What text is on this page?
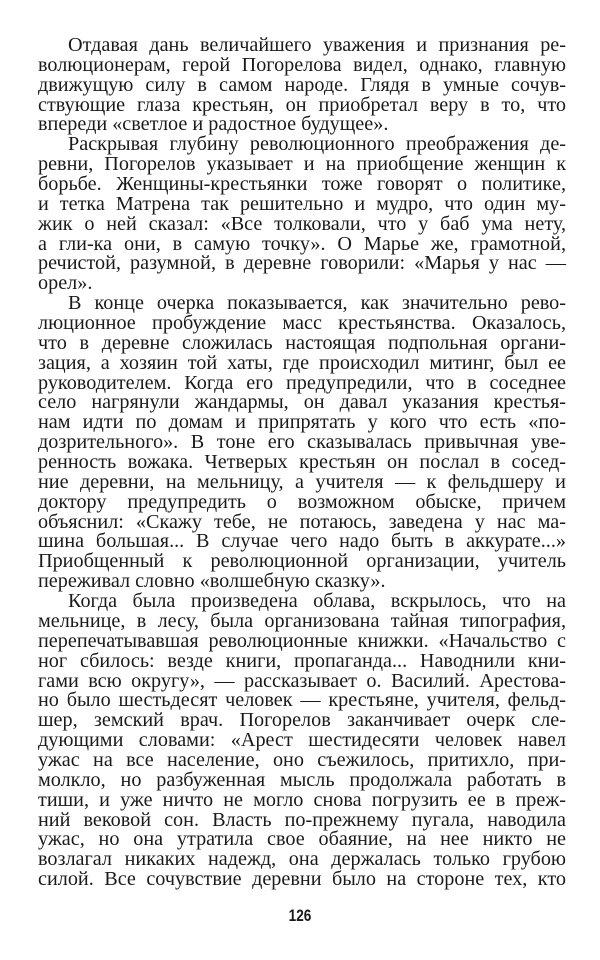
Отдавая дань величайшего уважения и признания ре-
волюционерам, герой Погорелова видел, однако, главную
движущую силу в самом народе. Глядя в умные сочув-
ствующие глаза крестьян, он приобретал веру в то, что
впереди «светлое и радостное будущее».
Раскрывая глубину революционного преображения де-
ревни, Погорелов указывает и на приобщение женщин к
борьбе. Женщины-крестьянки тоже говорят о политике,
и тетка Матрена так решительно и мудро, что один му-
жик о ней сказал: «Все толковали, что у баб ума нету,
а гли-ка они, в самую точку». О Марье же, грамотной,
речистой, разумной, в деревне говорили: «Марья у нас —
орел».
В конце очерка показывается, как значительно рево-
люционное пробуждение масс крестьянства. Оказалось,
что в деревне сложилась настоящая подпольная органи-
зация, а хозяин той хаты, где происходил митинг, был ее
руководителем. Когда его предупредили, что в соседнее
село нагрянули жандармы, он давал указания крестья-
нам идти по домам и припрятать у кого что есть «по-
дозрительного». В тоне его сказывалась привычная уве-
ренность вожака. Четверых крестьян он послал в сосед-
ние деревни, на мельницу, а учителя — к фельдшеру и
доктору предупредить о возможном обыске, причем
объяснил: «Скажу тебе, не потаюсь, заведена у нас ма-
шина большая... В случае чего надо быть в аккурате...»
Приобщенный к революционной организации, учитель
переживал словно «волшебную сказку».
Когда была произведена облава, вскрылось, что на
мельнице, в лесу, была организована тайная типография,
перепечатывавшая революционные книжки. «Начальство с
ног сбилось: везде книги, пропаганда... Наводнили кни-
гами всю округу», — рассказывает о. Василий. Арестова-
но было шестьдесят человек — крестьяне, учителя, фельд-
шер, земский врач. Погорелов заканчивает очерк сле-
дующими словами: «Арест шестидесяти человек навел
ужас на все население, оно съежилось, притихло, при-
молкло, но разбуженная мысль продолжала работать в
тиши, и уже ничто не могло снова погрузить ее в преж-
ний вековой сон. Власть по-прежнему пугала, наводила
ужас, но она утратила свое обаяние, на нее никто не
возлагал никаких надежд, она держалась только грубою
силой. Все сочувствие деревни было на стороне тех, кто
126
